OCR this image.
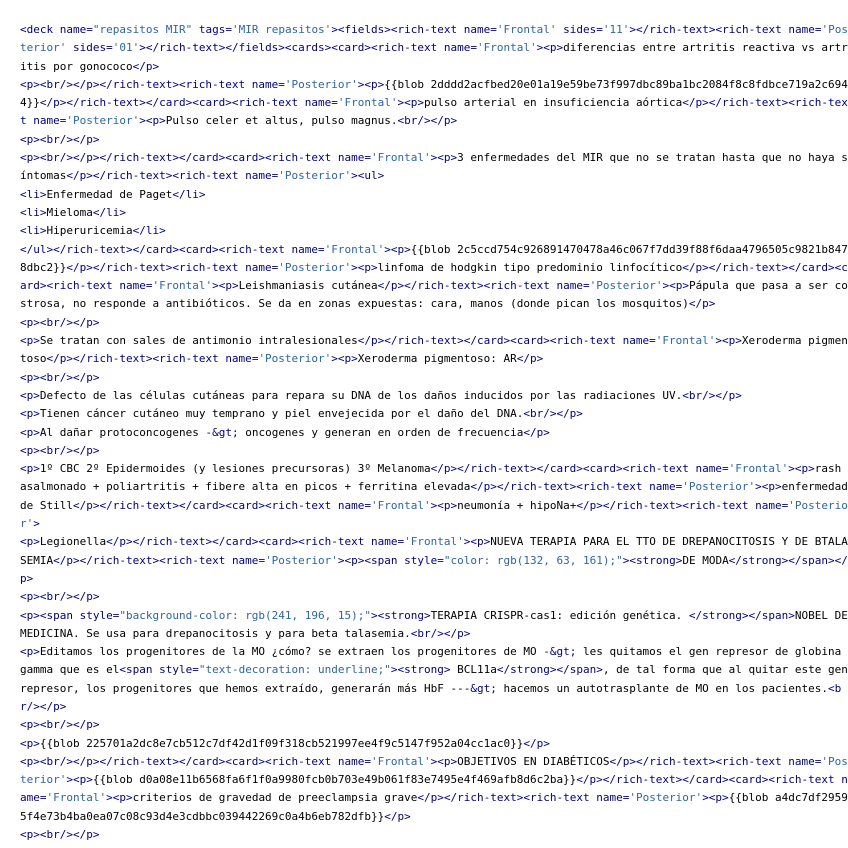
<deck name="repasitos MIR" tags='MIR repasitos'><fields><rich-text name='Frontal' sides='11'></rich-text><rich-text name='Posterior' sides='01'></rich-text></fields><cards><card><rich-text name='Frontal'><p>diferencias entre artritis reactiva vs artritis por gonococo</p>
<p><br/></p></rich-text><rich-text name='Posterior'><p>{{blob 2dddd2acfbed20e01a19e59be73f997dbc89ba1bc2084f8c8fdbce719a2c6944}}</p></rich-text></card><card><rich-text name='Frontal'><p>pulso arterial en insuficiencia aórtica</p></rich-text><rich-text name='Posterior'><p>Pulso celer et altus, pulso magnus.<br/></p>
<p><br/></p>
<p><br/></p></rich-text></card><card><rich-text name='Frontal'><p>3 enfermedades del MIR que no se tratan hasta que no haya síntomas</p></rich-text><rich-text name='Posterior'><ul>
<li>Enfermedad de Paget</li>
<li>Mieloma</li>
<li>Hiperuricemia</li>
</ul></rich-text></card><card><rich-text name='Frontal'><p>{{blob 2c5ccd754c926891470478a46c067f7dd39f88f6daa4796505c9821b8478dbc2}}</p></rich-text><rich-text name='Posterior'><p>linfoma de hodgkin tipo predominio linfocítico</p></rich-text></card><card><rich-text name='Frontal'><p>Leishmaniasis cutánea</p></rich-text><rich-text name='Posterior'><p>Pápula que pasa a ser costrosa, no responde a antibióticos. Se da en zonas expuestas: cara, manos (donde pican los mosquitos)</p>
<p><br/></p>
<p>Se tratan con sales de antimonio intralesionales</p></rich-text></card><card><rich-text name='Frontal'><p>Xeroderma pigmentoso</p></rich-text><rich-text name='Posterior'><p>Xeroderma pigmentoso: AR</p>
<p><br/></p>
<p>Defecto de las células cutáneas para repara su DNA de los daños inducidos por las radiaciones UV.<br/></p>
<p>Tienen cáncer cutáneo muy temprano y piel envejecida por el daño del DNA.<br/></p>
<p>Al dañar protoconcogenes -&gt; oncogenes y generan en orden de frecuencia</p>
<p><br/></p>
<p>1º CBC 2º Epidermoides (y lesiones precursoras) 3º Melanoma</p></rich-text></card><card><rich-text name='Frontal'><p>rash asalmonado + poliartritis + fibere alta en picos + ferritina elevada</p></rich-text><rich-text name='Posterior'><p>enfermedad de Still</p></rich-text></card><card><rich-text name='Frontal'><p>neumonía + hipoNa+</p></rich-text><rich-text name='Posterior'>
<p>Legionella</p></rich-text></card><card><rich-text name='Frontal'><p>NUEVA TERAPIA PARA EL TTO DE DREPANOCITOSIS Y DE BTALASEMIA</p></rich-text><rich-text name='Posterior'><p><span style="color: rgb(132, 63, 161);"><strong>DE MODA</strong></span></p>
<p><br/></p>
<p><span style="background-color: rgb(241, 196, 15);"><strong>TERAPIA CRISPR-cas1: edición genética. </strong></span>NOBEL DE MEDICINA. Se usa para drepanocitosis y para beta talasemia.<br/></p>
<p>Editamos los progenitores de la MO ¿cómo? se extraen los progenitores de MO -&gt; les quitamos el gen represor de globina gamma que es el<span style="text-decoration: underline;"><strong> BCL11a</strong></span>, de tal forma que al quitar este gen represor, los progenitores que hemos extraído, generarán más HbF ---&gt; hacemos un autotrasplante de MO en los pacientes.<br/></p>
<p><br/></p>
<p>{{blob 225701a2dc8e7cb512c7df42d1f09f318cb521997ee4f9c5147f952a04cc1ac0}}</p>
<p><br/></p></rich-text></card><card><rich-text name='Frontal'><p>OBJETIVOS EN DIABÉTICOS</p></rich-text><rich-text name='Posterior'><p>{{blob d0a08e11b6568fa6f1f0a9980fcb0b703e49b061f83e7495e4f469afb8d6c2ba}}</p></rich-text></card><card><rich-text name='Frontal'><p>criterios de gravedad de preeclampsia grave</p></rich-text><rich-text name='Posterior'><p>{{blob a4dc7df29595f4e73b4ba0ea07c08c93d4e3cdbbc039442269c0a4b6eb782dfb}}</p>
<p><br/></p>
